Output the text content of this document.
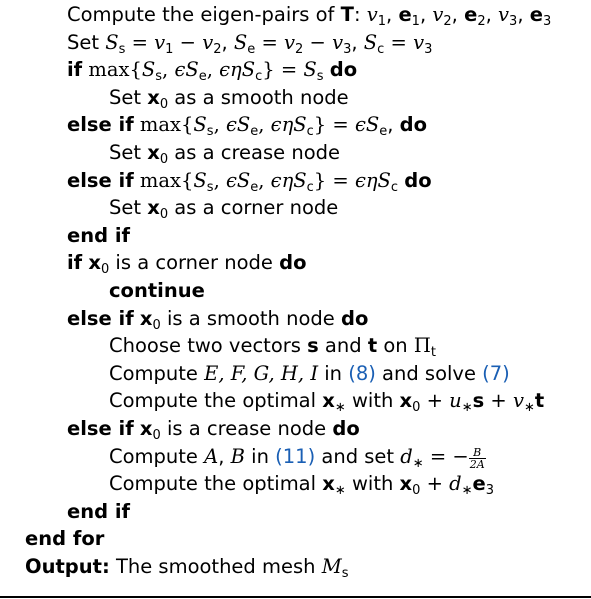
Compute the eigen-pairs of T: $v_1$, $e_1$, $v_2$, $e_2$, $v_3$, $e_3$
Set $S_s = v_1 - v_2$, $S_e = v_2 - v_3$, $S_c = v_3$
if $\max\{S_s$, $\epsilon S_e$, $\epsilon\eta S_c\} = S_s$ do
Set $x_0$ as a smooth node
else if $\max\{S_s$, $\epsilon S_e$, $\epsilon\eta S_c\} = \epsilon S_e$, do
Set $x_0$ as a crease node
else if $\max\{S_s$, $\epsilon S_e$, ϵηS$_c$} = ϵηS$_c$ do
Set $x_0$ as a corner node
end if
if $x_0$ is a corner node do
continue
else if $x_0$ is a smooth node do
Choose two vectors s and t on $\Pi_t$
Compute E, F, G, H, I in (8) and solve (7)
Compute the optimal $x_∗$ with $x_0 + u_∗s + v_∗t$
else if $x_0$ is a crease node do
Compute A, B in (11) and set $d_∗$ = − $\frac{B}{2A}$
Compute the optimal $x_∗$ with $x_0 + d_∗e_3$
end if
end for
Output: The smoothed mesh $M_s$
